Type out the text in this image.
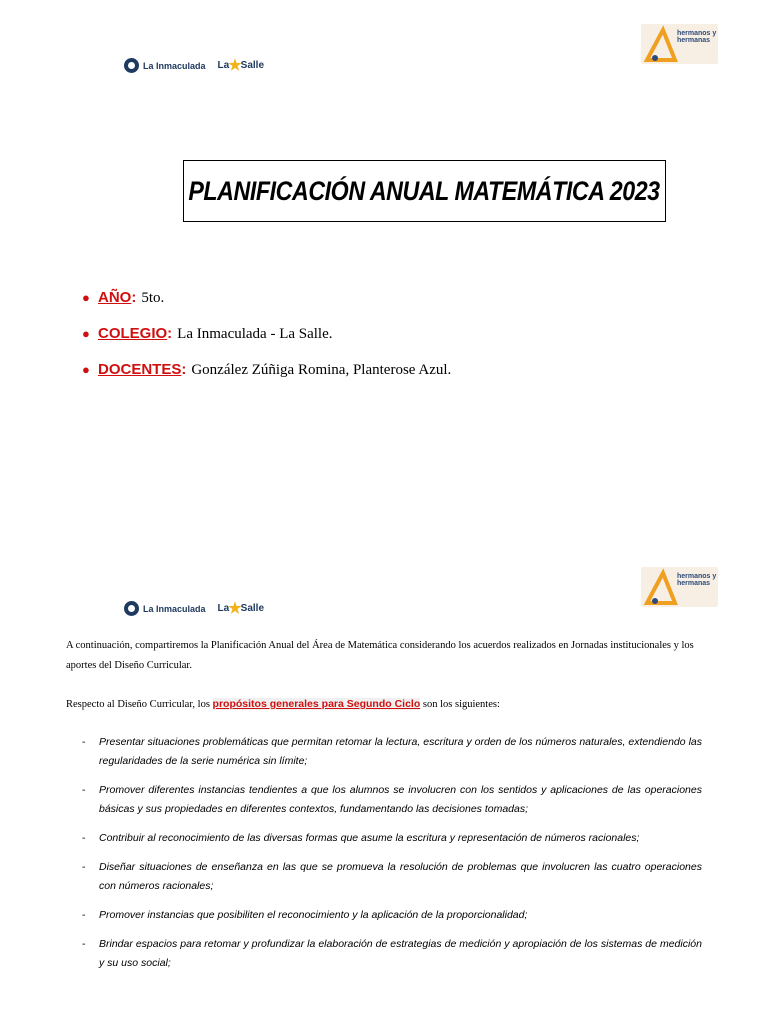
La Inmaculada La ★ Salle
hermanos y
hermanas
PLANIFICACIÓN ANUAL MATEMÁTICA 2023
● AÑO : 5to.
● COLEGIO : La Inmaculada - La Salle.
● DOCENTES : González Zúñiga Romina, Planterose Azul.
La Inmaculada La ★ Salle
hermanos y
hermanas
A continuación, compartiremos la Planificación Anual del Área de Matemática considerando los acuerdos realizados en Jornadas institucionales y los aportes del Diseño Curricular.
Respecto al Diseño Curricular, los propósitos generales para Segundo Ciclo son los siguientes:
-	Presentar situaciones problemáticas que permitan retomar la lectura, escritura y orden de los números naturales, extendiendo las regularidades de la serie numérica sin límite;
-	Promover diferentes instancias tendientes a que los alumnos se involucren con los sentidos y aplicaciones de las operaciones básicas y sus propiedades en diferentes contextos, fundamentando las decisiones tomadas;
-	Contribuir al reconocimiento de las diversas formas que asume la escritura y representación de números racionales;
-	Diseñar situaciones de enseñanza en las que se promueva la resolución de problemas que involucren las cuatro operaciones con números racionales;
-	Promover instancias que posibiliten el reconocimiento y la aplicación de la proporcionalidad;
-	Brindar espacios para retomar y profundizar la elaboración de estrategias de medición y apropiación de los sistemas de medición y su uso social;
